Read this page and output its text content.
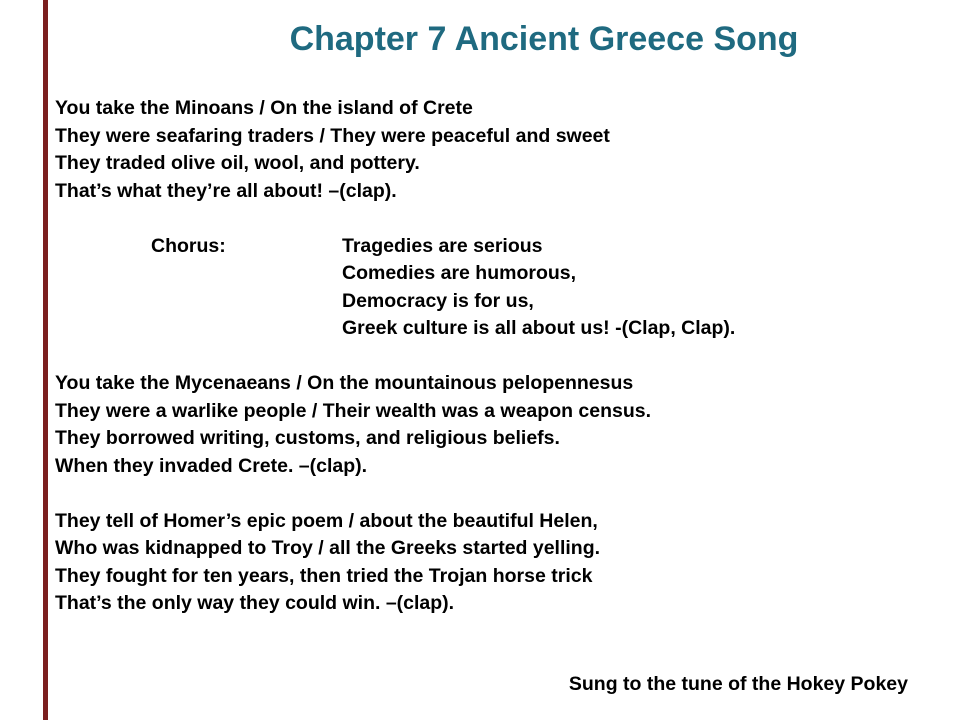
Chapter 7 Ancient Greece Song
You take the Minoans / On the island of Crete
They were seafaring traders / They were peaceful and sweet
They traded olive oil, wool, and pottery.
That’s what they’re all about! –(clap).
Chorus:	Tragedies are serious
Comedies are humorous,
Democracy is for us,
Greek culture is all about us! -(Clap, Clap).
You take the Mycenaeans / On the mountainous pelopennesus
They were a warlike people / Their wealth was a weapon census.
They borrowed writing, customs, and religious beliefs.
When they invaded Crete. –(clap).
They tell of Homer’s epic poem / about the beautiful Helen,
Who was kidnapped to Troy / all the Greeks started yelling.
They fought for ten years, then tried the Trojan horse trick
That’s the only way they could win. –(clap).
Sung to the tune of the Hokey Pokey
